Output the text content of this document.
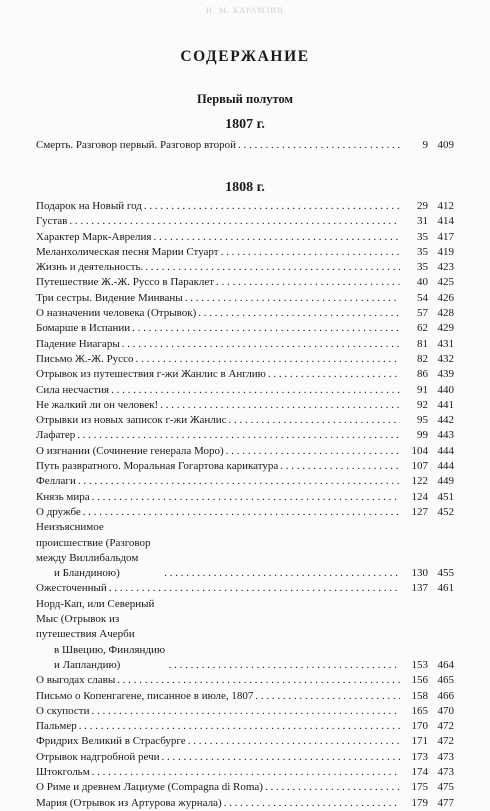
Н. М. КАРАМЗИН
СОДЕРЖАНИЕ
Первый полутом
1807 г.
Смерть. Разговор первый. Разговор второй . . .	9 409
1808 г.
Подарок на Новый год . . .	29 412
Густав . . .	31 414
Характер Марк-Аврелия . . .	35 417
Меланхолическая песня Марии Стуарт . . .	35 419
Жизнь и деятельность. . . .	35 423
Путешествие Ж.-Ж. Руссо в Параклет . . .	40 425
Три сестры. Видение Минваны . . .	54 426
О назначении человека (Отрывок) . . .	57 428
Бомарше в Испании . . .	62 429
Падение Ниагары . . .	81 431
Письмо Ж.-Ж. Руссо . . .	82 432
Отрывок из путешествия г-жи Жанлис в Англию . . .	86 439
Сила несчастия . . .	91 440
Не жалкий ли он человек! . . .	92 441
Отрывки из новых записок г-жи Жанлис . . .	95 442
Лафатер . . .	99 443
О изгнании (Сочинение генерала Моро) . . .	104 444
Путь развратного. Моральная Гогартова карикатура . . .	107 444
Феллаги . . .	122 449
Князь мира . . .	124 451
О дружбе . . .	127 452
Неизъяснимое происшествие (Разговор между Виллибальдом
и Бландиною) . . .	130 455
Ожесточенный . . .	137 461
Норд-Кап, или Северный Мыс (Отрывок из путешествия Ачерби
в Швецию, Финляндию и Лапландию) . . .	153 464
О выгодах славы . . .	156 465
Письмо о Копенгагене, писанное в июле, 1807 . . .	158 466
О скупости . . .	165 470
Пальмер . . .	170 472
Фридрих Великий в Страсбурге . . .	171 472
Отрывок надгробной речи . . .	173 473
Штокгольм . . .	174 473
О Риме и древнем Лациуме (Compagna di Roma) . . .	175 475
Мария (Отрывок из Артурова журнала) . . .	179 477
